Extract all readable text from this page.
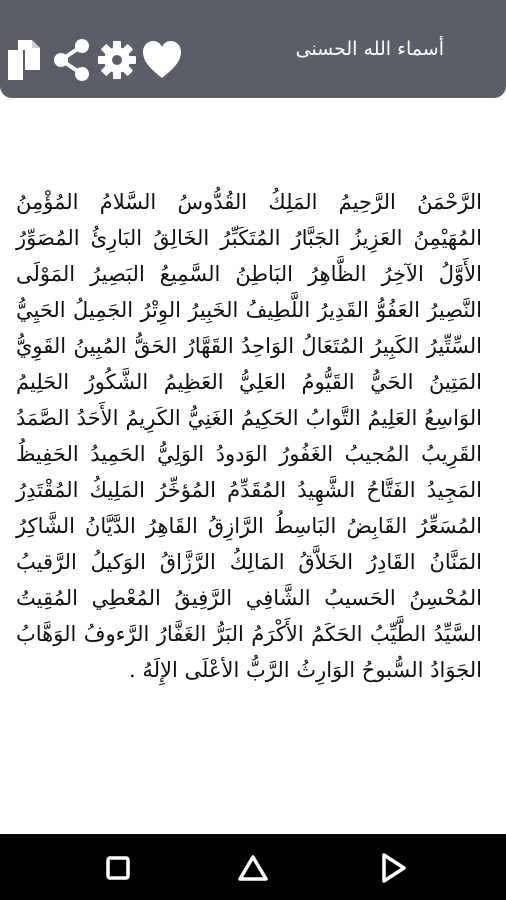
أسماء الله الحسنى

الرَّحْمَنُ الرَّحِيمُ المَلِكُ القُدُّوسُ السَّلامُ المُؤْمِنُ المُهَيْمِنُ العَزِيزُ الجَبَّارُ المُتَكَبِّرُ الخَالِقُ البَارِئُ المُصَوِّرُ الأَوَّلُ الآخِرُ الظَّاهِرُ البَاطِنُ السَّمِيعُ البَصِيرُ المَوْلَى النَّصِيرُ العَفُوُّ القَدِيرُ اللَّطِيفُ الخَبِيرُ الوِتْرُ الجَمِيلُ الحَيِيُّ السِّتِّيرُ الكَبِيرُ المُتَعَالُ الوَاحِدُ القَهَّارُ الحَقُّ المُبِينُ القَوِيُّ المَتِينُ الحَيُّ القَيُّومُ العَلِيُّ العَظِيمُ الشَّكُورُ الحَلِيمُ الوَاسِعُ العَلِيمُ التَّوابُ الحَكِيمُ الغَنِيُّ الكَرِيمُ الأَحَدُ الصَّمَدُ القَرِيبُ المُجيبُ الغَفُورُ الوَدودُ الوَلِيُّ الحَمِيدُ الحَفِيظُ المَجِيدُ الفَتَّاحُ الشَّهِيدُ المُقَدِّمُ المُؤخِّرُ المَلِيكُ المُقْتَدِرُ المُسَعِّرُ القَابِضُ البَاسِطُ الرَّازِقُ القَاهِرُ الدَّيَّانُ الشَّاكِرُ المَنَّانُ القَادِرُ الخَلاَّقُ المَالِكُ الرَّزَّاقُ الوَكيلُ الرَّقيبُ المُحْسِنُ الحَسيبُ الشَّافِي الرَّفِيقُ المُعْطِي المُقِيتُ السَّيِّدُ الطَّيِّبُ الحَكَمُ الأَكْرَمُ البَرُّ الغَفَّارُ الرَّءوفُ الوَهَّابُ الجَوَادُ السُّبوحُ الوَارِثُ الرَّبُّ الأعْلَى الإِلَهُ .
